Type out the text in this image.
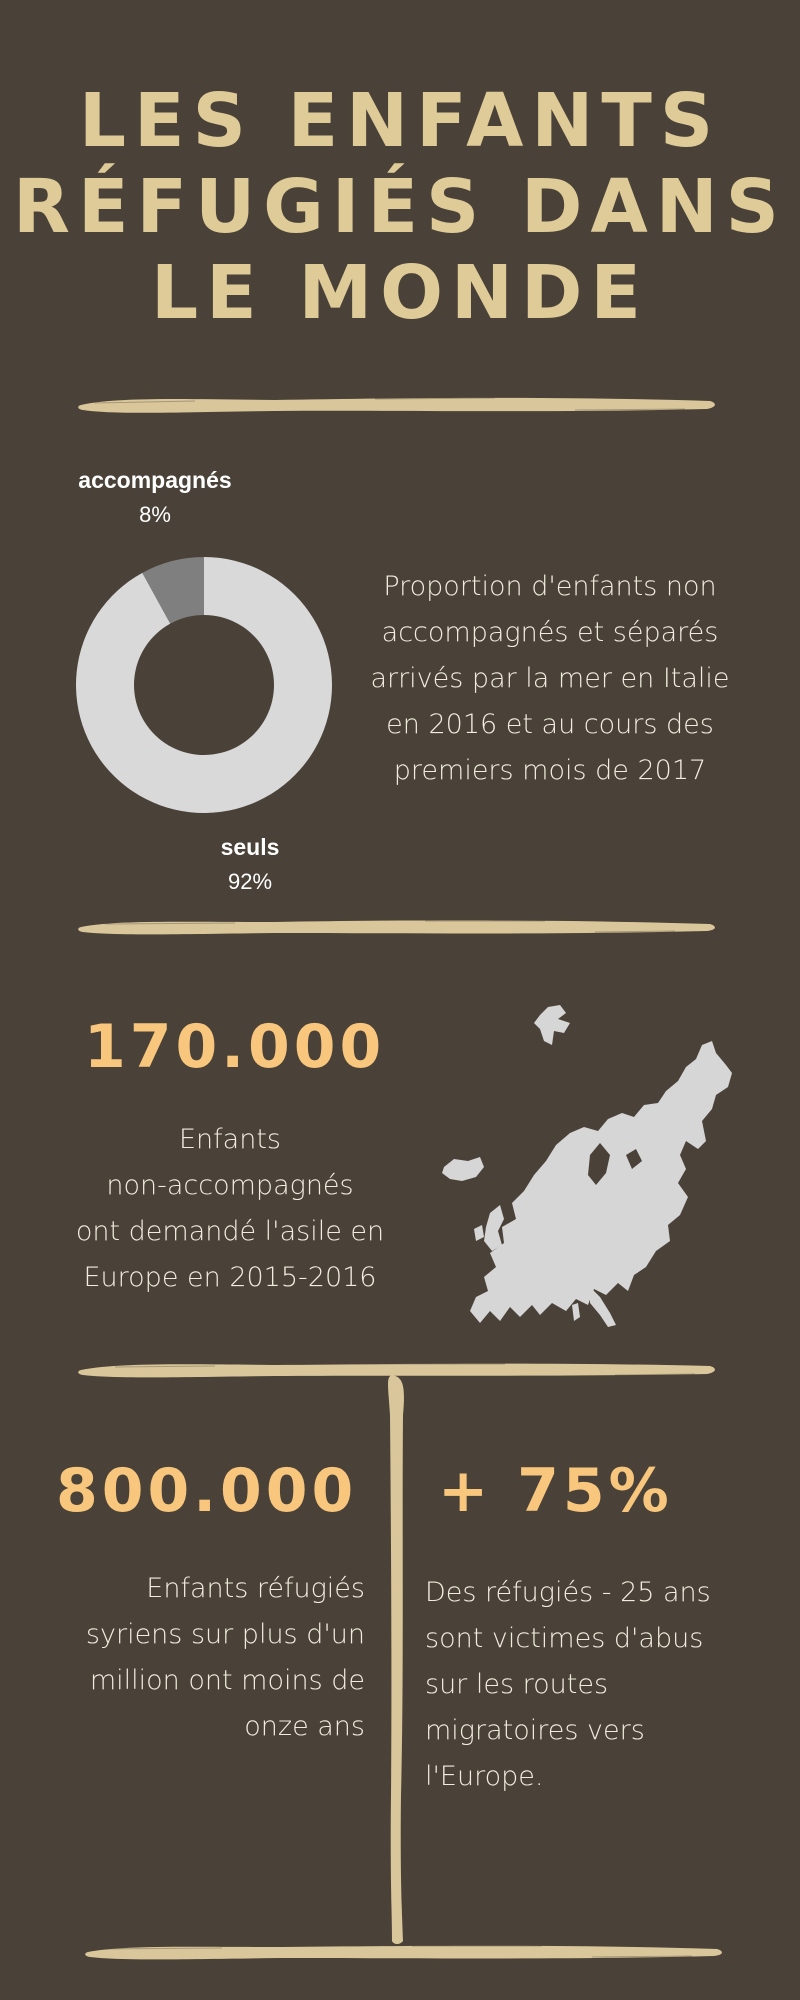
LES ENFANTS
RÉFUGIÉS DANS
LE MONDE
accompagnés
8%
seuls
92%

Proportion d'enfants non
accompagnés et séparés
arrivés par la mer en Italie
en 2016 et au cours des
premiers mois de 2017

170.000

Enfants
non-accompagnés
ont demandé l'asile en
Europe en 2015-2016

800.000

Enfants réfugiés
syriens sur plus d'un
million ont moins de
onze ans

+ 75%

Des réfugiés - 25 ans
sont victimes d'abus
sur les routes
migratoires vers
l'Europe.
